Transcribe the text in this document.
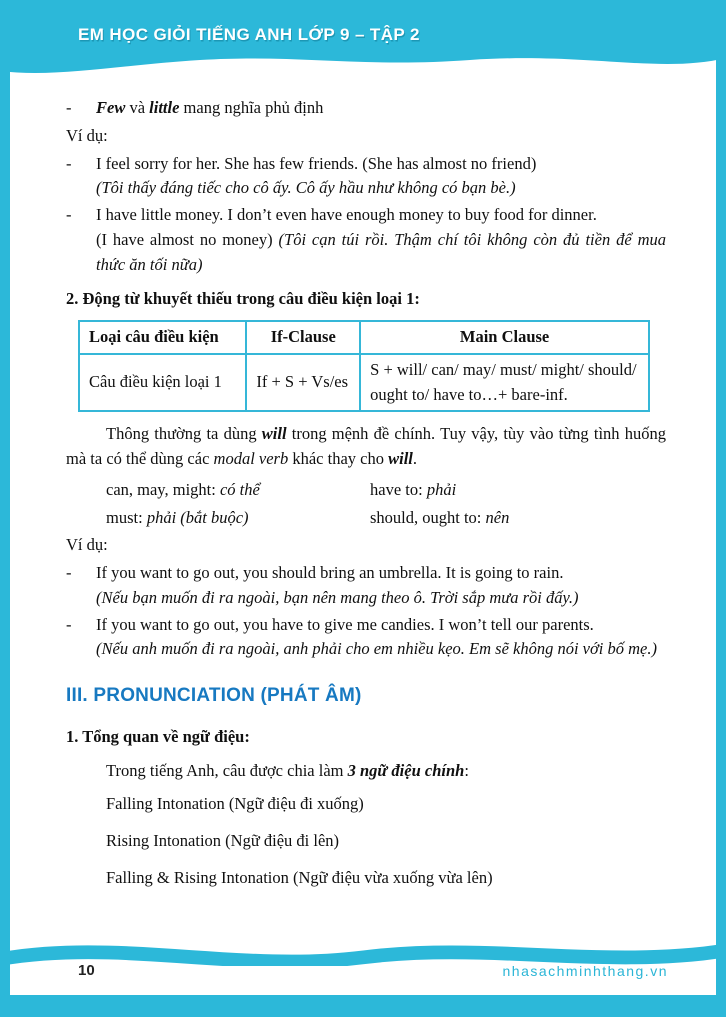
EM HỌC GIỎI TIẾNG ANH LỚP 9 – TẬP 2
-	Few và little mang nghĩa phủ định
Ví dụ:
-	I feel sorry for her. She has few friends. (She has almost no friend)
(Tôi thấy đáng tiếc cho cô ấy. Cô ấy hầu như không có bạn bè.)
-	I have little money. I don’t even have enough money to buy food for dinner.
(I have almost no money) (Tôi cạn túi rồi. Thậm chí tôi không còn đủ tiền để mua thức ăn tối nữa)
2. Động từ khuyết thiếu trong câu điều kiện loại 1:
Loại câu điều kiện	If-Clause	Main Clause
Câu điều kiện loại 1	If + S + Vs/es	S + will/ can/ may/ must/ might/ should/ ought to/ have to…+ bare-inf.
Thông thường ta dùng will trong mệnh đề chính. Tuy vậy, tùy vào từng tình huống mà ta có thể dùng các modal verb khác thay cho will.
can, may, might: có thể	have to: phải
must: phải (bắt buộc)	should, ought to: nên
Ví dụ:
-	If you want to go out, you should bring an umbrella. It is going to rain.
(Nếu bạn muốn đi ra ngoài, bạn nên mang theo ô. Trời sắp mưa rồi đấy.)
-	If you want to go out, you have to give me candies. I won’t tell our parents.
(Nếu anh muốn đi ra ngoài, anh phải cho em nhiều kẹo. Em sẽ không nói với bố mẹ.)
III. PRONUNCIATION (PHÁT ÂM)
1. Tổng quan về ngữ điệu:
Trong tiếng Anh, câu được chia làm 3 ngữ điệu chính:
Falling Intonation (Ngữ điệu đi xuống)
Rising Intonation (Ngữ điệu đi lên)
Falling & Rising Intonation (Ngữ điệu vừa xuống vừa lên)
10	nhasachminhthang.vn
